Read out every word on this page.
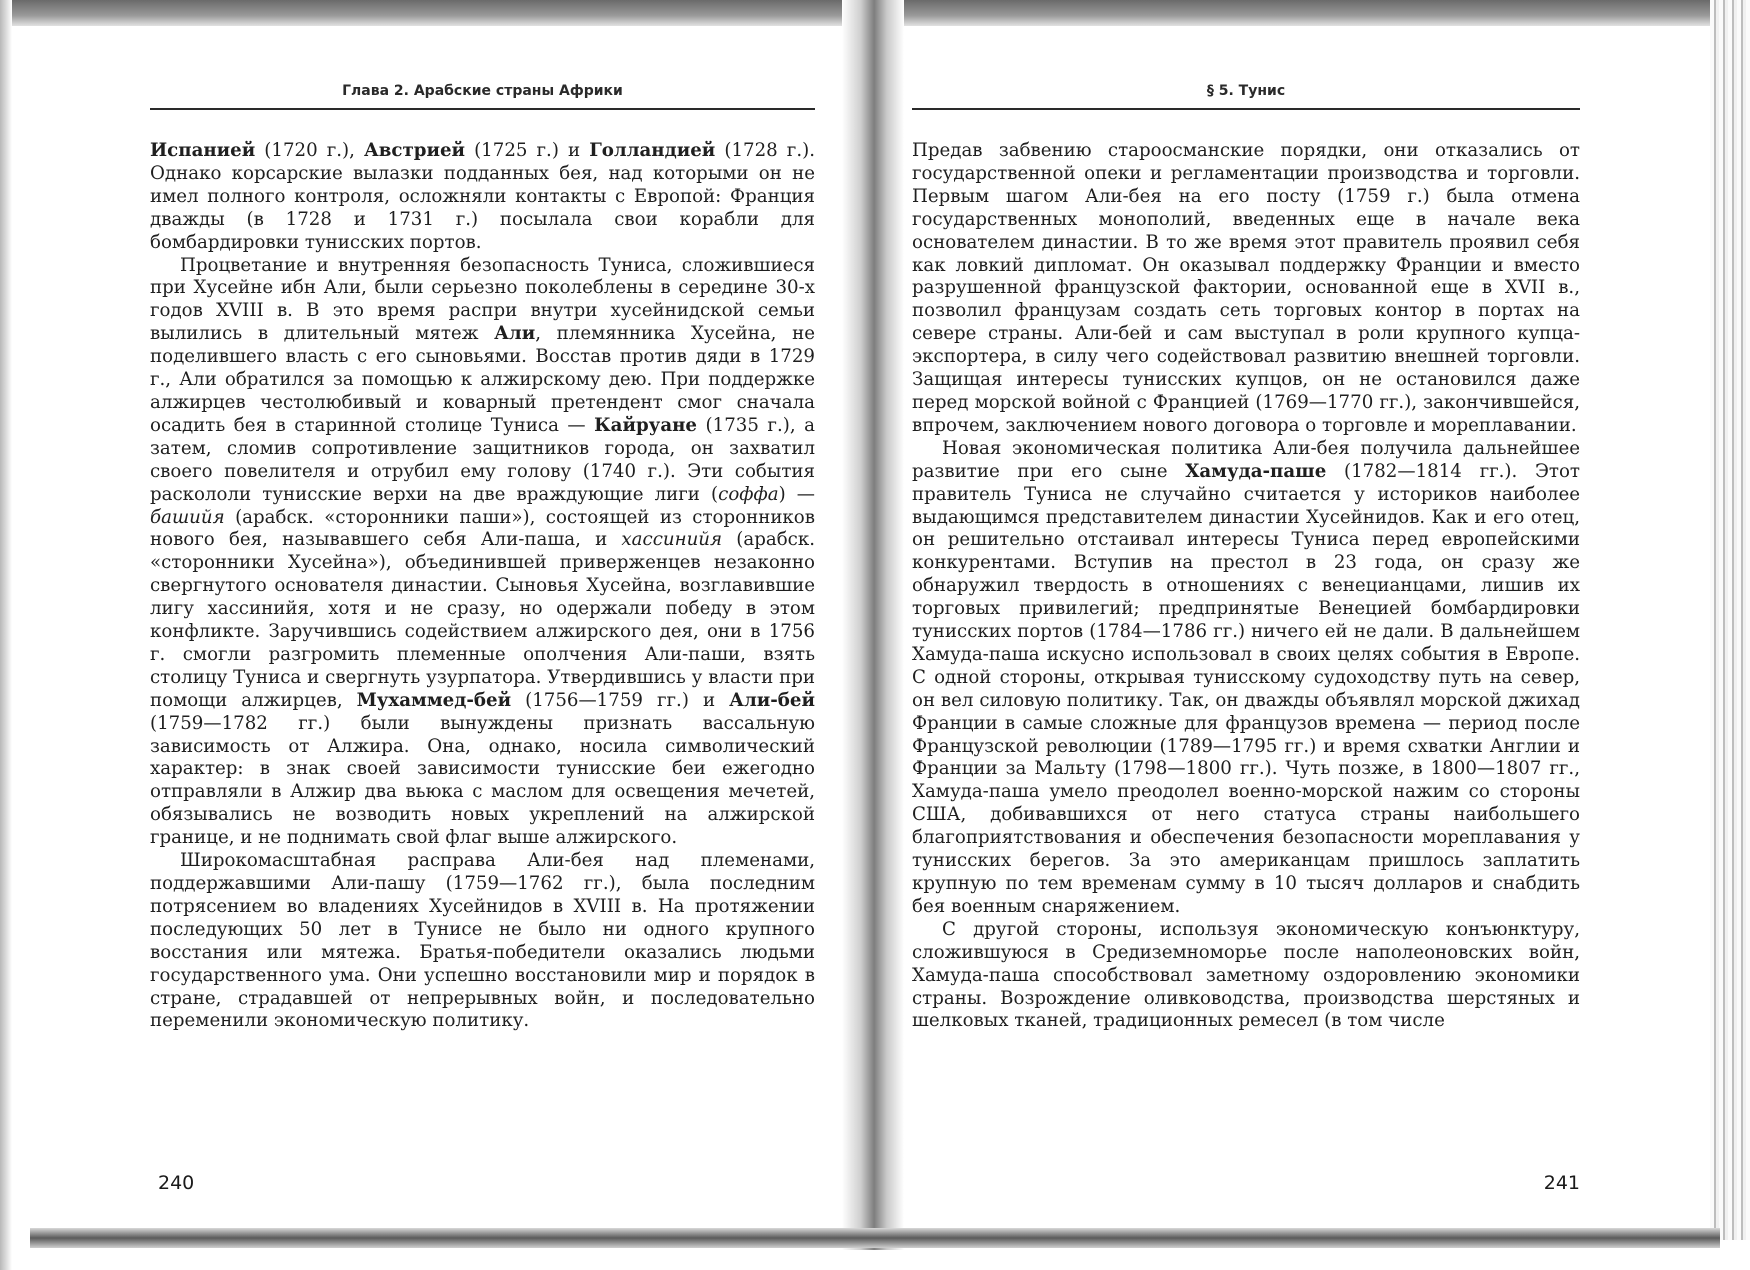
Глава 2. Арабские страны Африки

Испанией (1720 г.), Австрией (1725 г.) и Голландией (1728 г.). Однако корсарские вылазки подданных бея, над которыми он не имел полного контроля, осложняли контакты с Европой: Франция дважды (в 1728 и 1731 г.) посылала свои корабли для бомбардировки тунисских портов.

Процветание и внутренняя безопасность Туниса, сложившиеся при Хусейне ибн Али, были серьезно поколеблены в середине 30-х годов XVIII в. В это время распри внутри хусейнидской семьи вылились в длительный мятеж Али, племянника Хусейна, не поделившего власть с его сыновьями. Восстав против дяди в 1729 г., Али обратился за помощью к алжирскому дею. При поддержке алжирцев честолюбивый и коварный претендент смог сначала осадить бея в старинной столице Туниса — Кайруане (1735 г.), а затем, сломив сопротивление защитников города, он захватил своего повелителя и отрубил ему голову (1740 г.). Эти события раскололи тунисские верхи на две враждующие лиги (соффа) — башийя (арабск. «сторонники паши»), состоящей из сторонников нового бея, называвшего себя Али-паша, и хассинийя (арабск. «сторонники Хусейна»), объединившей приверженцев незаконно свергнутого основателя династии. Сыновья Хусейна, возглавившие лигу хассинийя, хотя и не сразу, но одержали победу в этом конфликте. Заручившись содействием алжирского дея, они в 1756 г. смогли разгромить племенные ополчения Али-паши, взять столицу Туниса и свергнуть узурпатора. Утвердившись у власти при помощи алжирцев, Мухаммед-бей (1756—1759 гг.) и Али-бей (1759—1782 гг.) были вынуждены признать вассальную зависимость от Алжира. Она, однако, носила символический характер: в знак своей зависимости тунисские беи ежегодно отправляли в Алжир два вьюка с маслом для освещения мечетей, обязывались не возводить новых укреплений на алжирской границе, и не поднимать свой флаг выше алжирского.

Широкомасштабная расправа Али-бея над племенами, поддержавшими Али-пашу (1759—1762 гг.), была последним потрясением во владениях Хусейнидов в XVIII в. На протяжении последующих 50 лет в Тунисе не было ни одного крупного восстания или мятежа. Братья-победители оказались людьми государственного ума. Они успешно восстановили мир и порядок в стране, страдавшей от непрерывных войн, и последовательно переменили экономическую политику.

240
§ 5. Тунис

Предав забвению староосманские порядки, они отказались от государственной опеки и регламентации производства и торговли. Первым шагом Али-бея на его посту (1759 г.) была отмена государственных монополий, введенных еще в начале века основателем династии. В то же время этот правитель проявил себя как ловкий дипломат. Он оказывал поддержку Франции и вместо разрушенной французской фактории, основанной еще в XVII в., позволил французам создать сеть торговых контор в портах на севере страны. Али-бей и сам выступал в роли крупного купца-экспортера, в силу чего содействовал развитию внешней торговли. Защищая интересы тунисских купцов, он не остановился даже перед морской войной с Францией (1769—1770 гг.), закончившейся, впрочем, заключением нового договора о торговле и мореплавании.

Новая экономическая политика Али-бея получила дальнейшее развитие при его сыне Хамуда-паше (1782—1814 гг.). Этот правитель Туниса не случайно считается у историков наиболее выдающимся представителем династии Хусейнидов. Как и его отец, он решительно отстаивал интересы Туниса перед европейскими конкурентами. Вступив на престол в 23 года, он сразу же обнаружил твердость в отношениях с венецианцами, лишив их торговых привилегий; предпринятые Венецией бомбардировки тунисских портов (1784—1786 гг.) ничего ей не дали. В дальнейшем Хамуда-паша искусно использовал в своих целях события в Европе. С одной стороны, открывая тунисскому судоходству путь на север, он вел силовую политику. Так, он дважды объявлял морской джихад Франции в самые сложные для французов времена — период после Французской революции (1789—1795 гг.) и время схватки Англии и Франции за Мальту (1798—1800 гг.). Чуть позже, в 1800—1807 гг., Хамуда-паша умело преодолел военно-морской нажим со стороны США, добивавшихся от него статуса страны наибольшего благоприятствования и обеспечения безопасности мореплавания у тунисских берегов. За это американцам пришлось заплатить крупную по тем временам сумму в 10 тысяч долларов и снабдить бея военным снаряжением.

С другой стороны, используя экономическую конъюнктуру, сложившуюся в Средиземноморье после наполеоновских войн, Хамуда-паша способствовал заметному оздоровлению экономики страны. Возрождение оливководства, производства шерстяных и шелковых тканей, традиционных ремесел (в том числе

241
